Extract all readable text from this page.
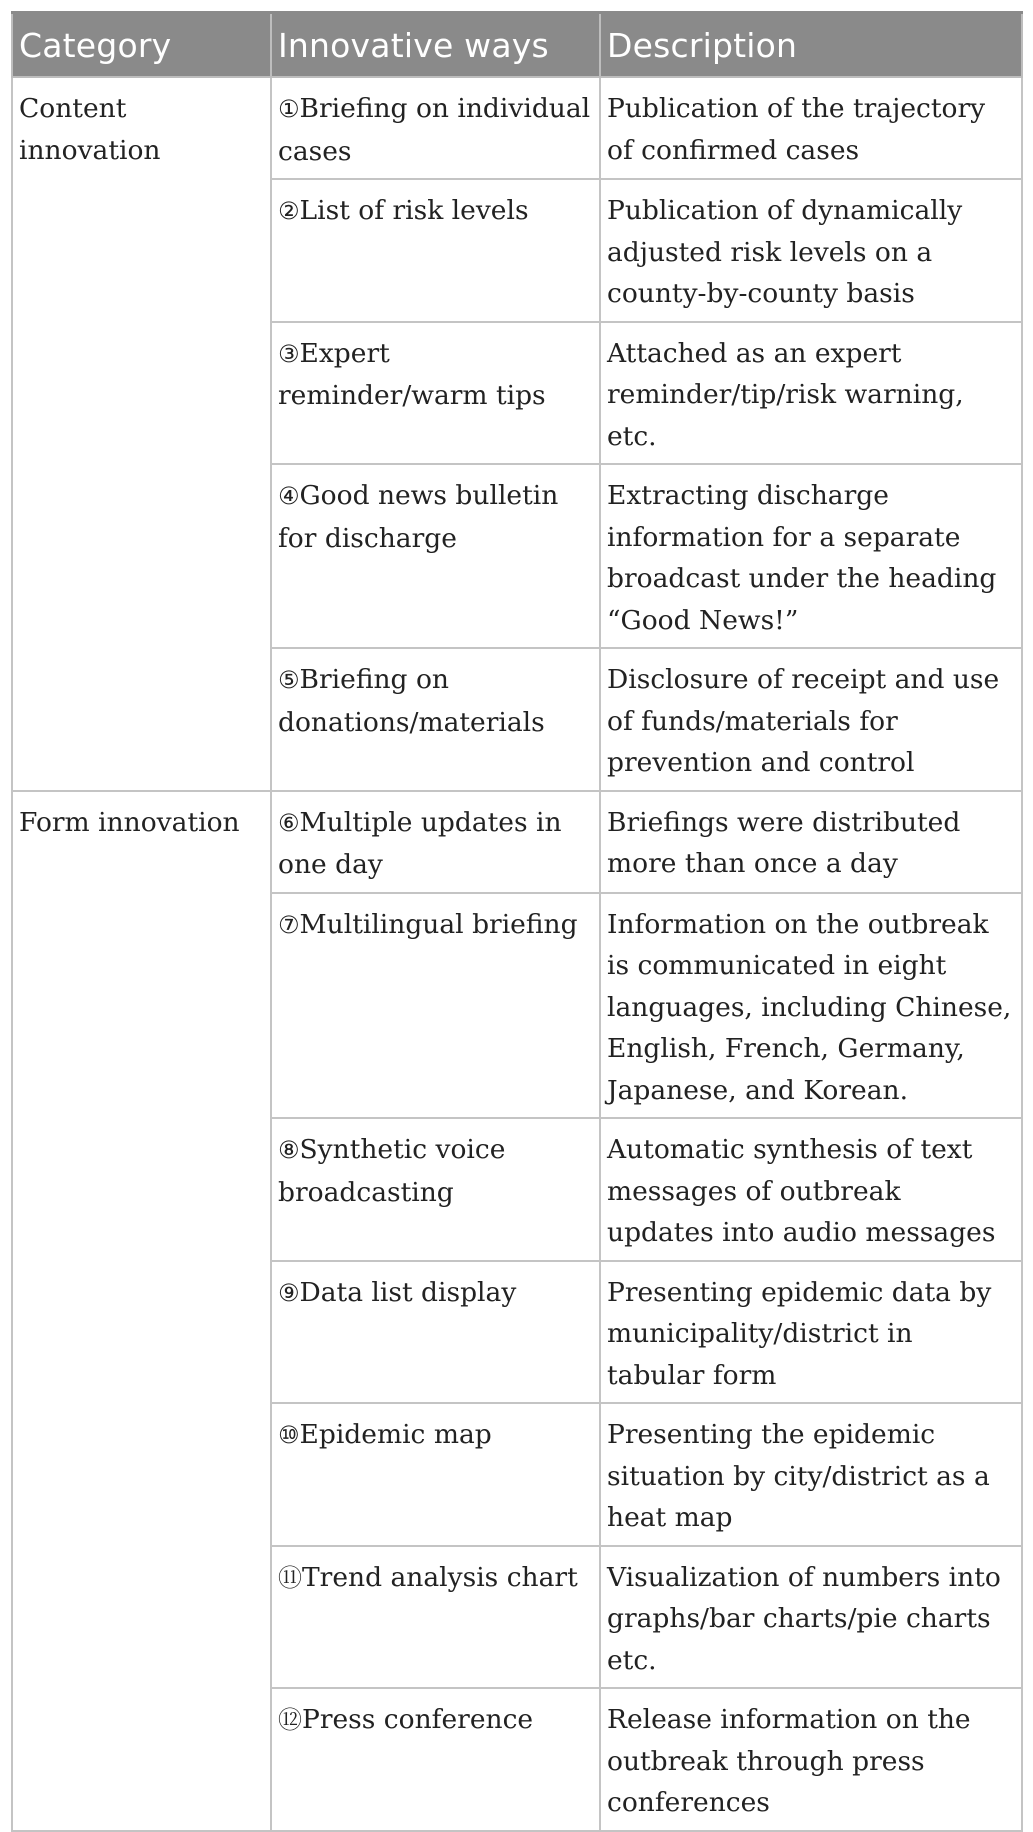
Category	Innovative ways	Description
Content innovation	①Briefing on individual cases	Publication of the trajectory of confirmed cases
	②List of risk levels	Publication of dynamically adjusted risk levels on a county-by-county basis
	③Expert reminder/warm tips	Attached as an expert reminder/tip/risk warning, etc.
	④Good news bulletin for discharge	Extracting discharge information for a separate broadcast under the heading “Good News!”
	⑤Briefing on donations/materials	Disclosure of receipt and use of funds/materials for prevention and control
Form innovation	⑥Multiple updates in one day	Briefings were distributed more than once a day
	⑦Multilingual briefing	Information on the outbreak is communicated in eight languages, including Chinese, English, French, Germany, Japanese, and Korean.
	⑧Synthetic voice broadcasting	Automatic synthesis of text messages of outbreak updates into audio messages
	⑨Data list display	Presenting epidemic data by municipality/district in tabular form
	⑩Epidemic map	Presenting the epidemic situation by city/district as a heat map
	⑪Trend analysis chart	Visualization of numbers into graphs/bar charts/pie charts etc.
	⑫Press conference	Release information on the outbreak through press conferences
